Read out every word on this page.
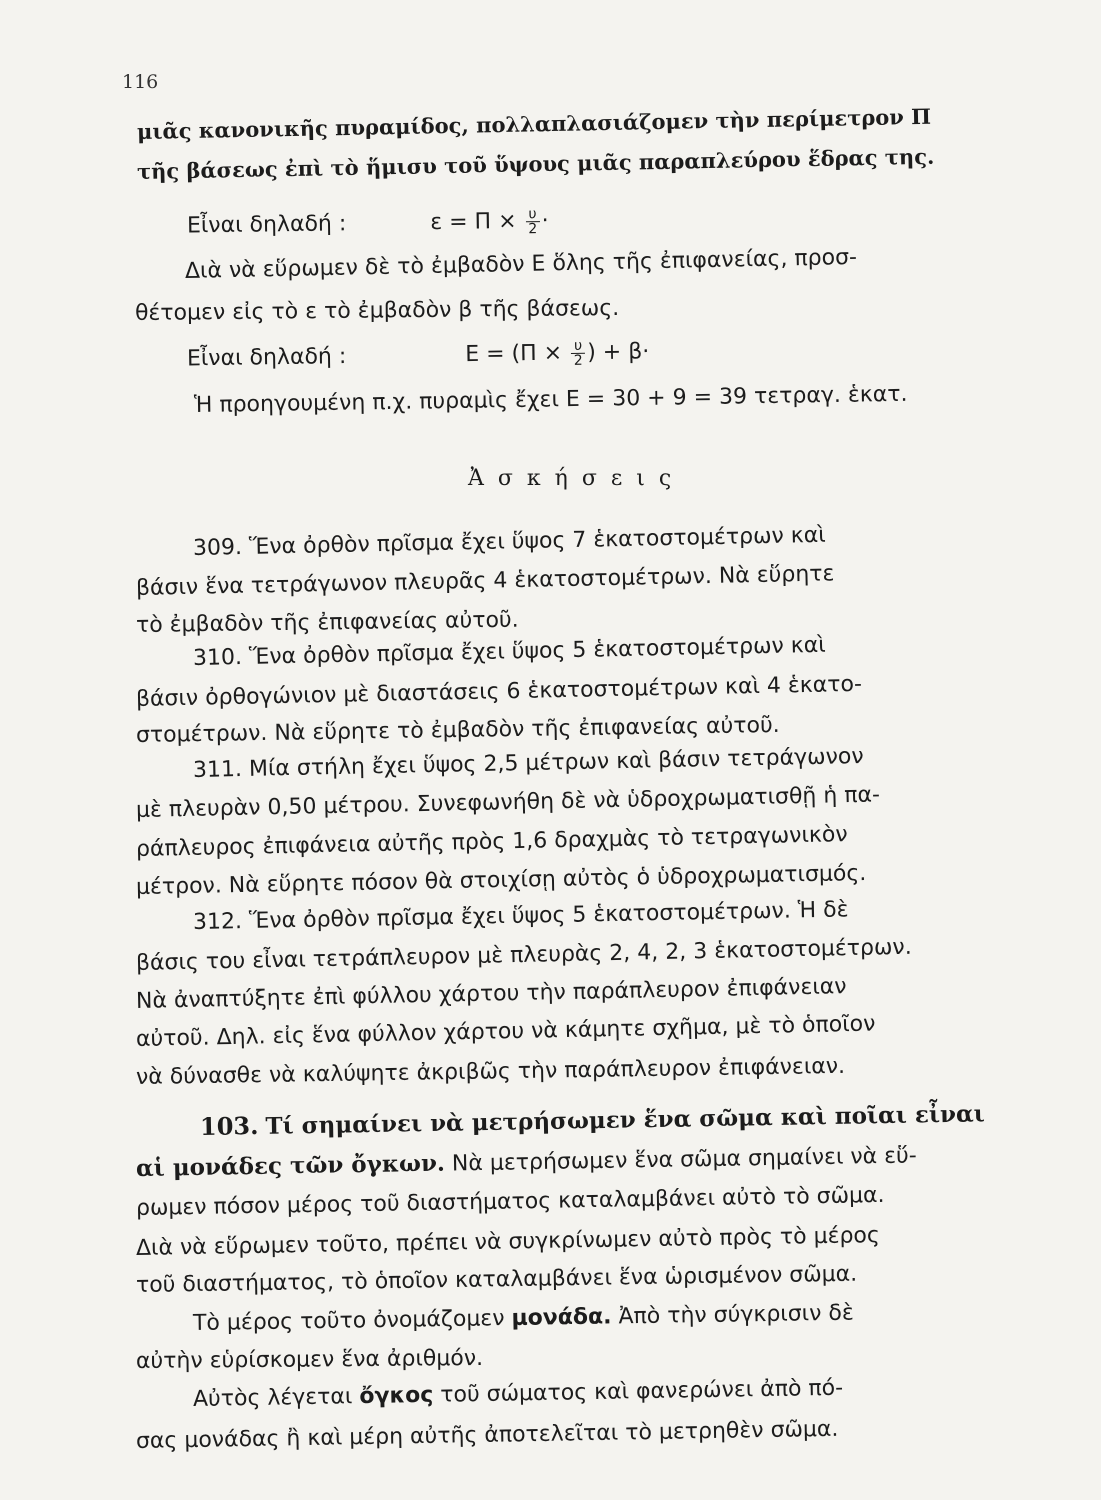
116
μιᾶς κανονικῆς πυραμίδος, πολλαπλασιάζομεν τὴν περίμετρον Π
τῆς βάσεως ἐπὶ τὸ ἥμισυ τοῦ ὕψους μιᾶς παραπλεύρου ἕδρας της.
Εἶναι δηλαδή :	$\varepsilon = \Pi \times \frac{\upsilon}{2}$ ·
Διὰ νὰ εὕρωμεν δὲ τὸ ἐμβαδὸν Ε ὅλης τῆς ἐπιφανείας, προσ-
θέτομεν εἰς τὸ ε τὸ ἐμβαδὸν β τῆς βάσεως.
Εἶναι δηλαδή :	$E = (\Pi \times \frac{\upsilon}{2}$ ) + β·
Ἡ προηγουμένη π.χ. πυραμὶς ἔχει Ε = 30 + 9 = 39 τετραγ. ἑκατ.
Ἀσκήσεις
309. Ἕνα ὀρθὸν πρῖσμα ἔχει ὕψος 7 ἑκατοστομέτρων καὶ
βάσιν ἕνα τετράγωνον πλευρᾶς 4 ἑκατοστομέτρων. Νὰ εὕρητε
τὸ ἐμβαδὸν τῆς ἐπιφανείας αὐτοῦ.
310. Ἕνα ὀρθὸν πρῖσμα ἔχει ὕψος 5 ἑκατοστομέτρων καὶ
βάσιν ὀρθογώνιον μὲ διαστάσεις 6 ἑκατοστομέτρων καὶ 4 ἑκατο-
στομέτρων. Νὰ εὕρητε τὸ ἐμβαδὸν τῆς ἐπιφανείας αὐτοῦ.
311. Μία στήλη ἔχει ὕψος 2,5 μέτρων καὶ βάσιν τετράγωνον
μὲ πλευρὰν 0,50 μέτρου. Συνεφωνήθη δὲ νὰ ὑδροχρωματισθῇ ἡ πα-
ράπλευρος ἐπιφάνεια αὐτῆς πρὸς 1,6 δραχμὰς τὸ τετραγωνικὸν
μέτρον. Νὰ εὕρητε πόσον θὰ στοιχίσῃ αὐτὸς ὁ ὑδροχρωματισμός.
312. Ἕνα ὀρθὸν πρῖσμα ἔχει ὕψος 5 ἑκατοστομέτρων. Ἡ δὲ
βάσις του εἶναι τετράπλευρον μὲ πλευρὰς 2, 4, 2, 3 ἑκατοστομέτρων.
Νὰ ἀναπτύξητε ἐπὶ φύλλου χάρτου τὴν παράπλευρον ἐπιφάνειαν
αὐτοῦ. Δηλ. εἰς ἕνα φύλλον χάρτου νὰ κάμητε σχῆμα, μὲ τὸ ὁποῖον
νὰ δύνασθε νὰ καλύψητε ἀκριβῶς τὴν παράπλευρον ἐπιφάνειαν.
103. Τί σημαίνει νὰ μετρήσωμεν ἕνα σῶμα καὶ ποῖαι εἶναι
αἱ μονάδες τῶν ὄγκων. Νὰ μετρήσωμεν ἕνα σῶμα σημαίνει νὰ εὕ-
ρωμεν πόσον μέρος τοῦ διαστήματος καταλαμβάνει αὐτὸ τὸ σῶμα.
Διὰ νὰ εὕρωμεν τοῦτο, πρέπει νὰ συγκρίνωμεν αὐτὸ πρὸς τὸ μέρος
τοῦ διαστήματος, τὸ ὁποῖον καταλαμβάνει ἕνα ὡρισμένον σῶμα.
Τὸ μέρος τοῦτο ὀνομάζομεν μονάδα. Ἀπὸ τὴν σύγκρισιν δὲ
αὐτὴν εὑρίσκομεν ἕνα ἀριθμόν.
Αὐτὸς λέγεται ὄγκος τοῦ σώματος καὶ φανερώνει ἀπὸ πό-
σας μονάδας ἢ καὶ μέρη αὐτῆς ἀποτελεῖται τὸ μετρηθὲν σῶμα.
